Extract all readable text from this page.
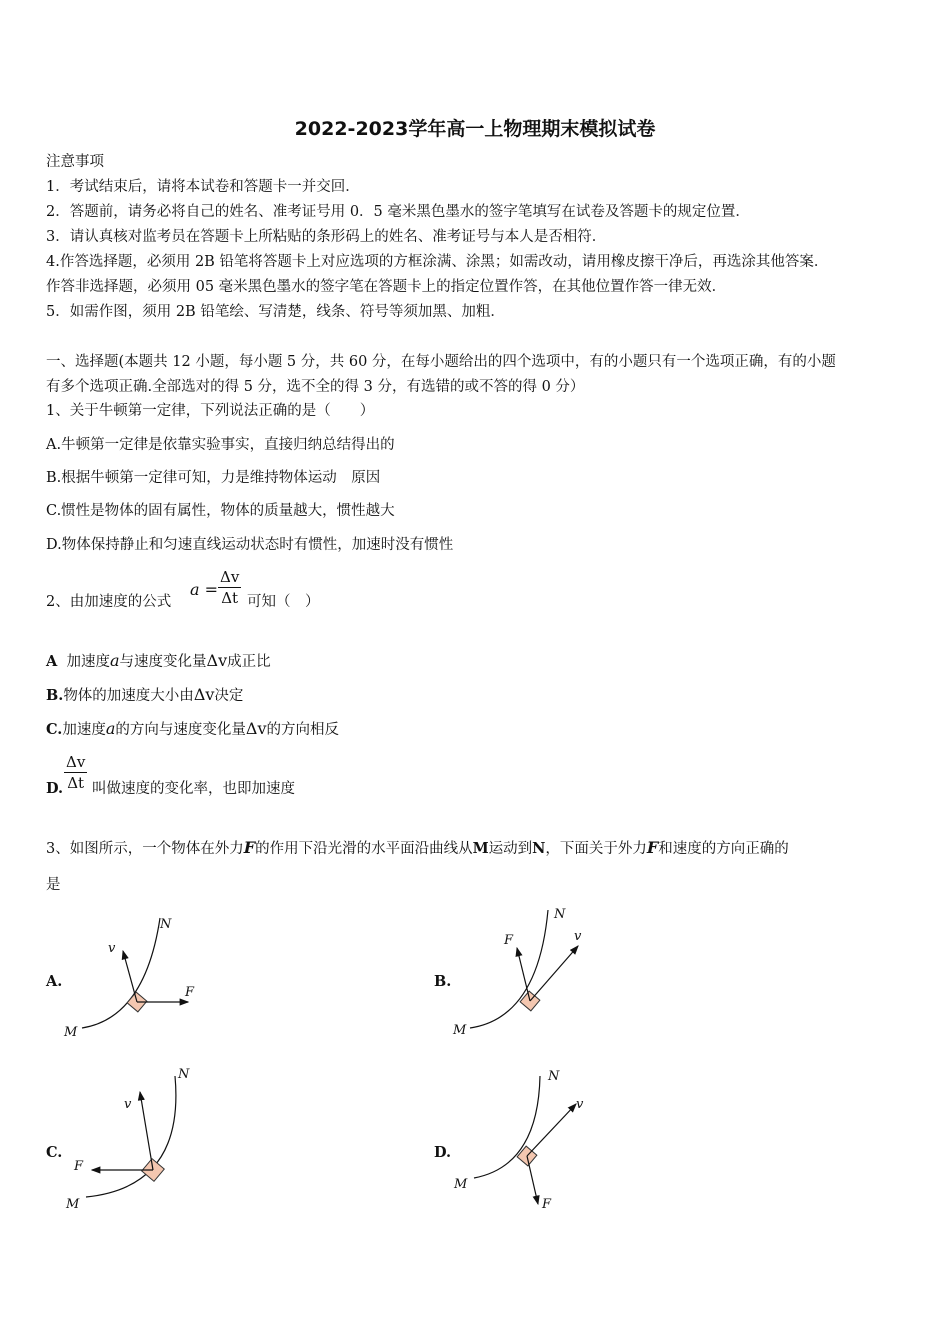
2022-2023学年高一上物理期末模拟试卷
注意事项
1．考试结束后，请将本试卷和答题卡一并交回．
2．答题前，请务必将自己的姓名、准考证号用 0．5 毫米黑色墨水的签字笔填写在试卷及答题卡的规定位置．
3．请认真核对监考员在答题卡上所粘贴的条形码上的姓名、准考证号与本人是否相符．
4.作答选择题，必须用 2B 铅笔将答题卡上对应选项的方框涂满、涂黑；如需改动，请用橡皮擦干净后，再选涂其他答案．
作答非选择题，必须用 05 毫米黑色墨水的签字笔在答题卡上的指定位置作答，在其他位置作答一律无效．
5．如需作图，须用 2B 铅笔绘、写清楚，线条、符号等须加黑、加粗．
一、选择题(本题共 12 小题，每小题 5 分，共 60 分，在每小题给出的四个选项中，有的小题只有一个选项正确，有的小题
有多个选项正确.全部选对的得 5 分，选不全的得 3 分，有选错的或不答的得 0 分）
1、关于牛顿第一定律，下列说法正确的是（　　）
A.牛顿第一定律是依靠实验事实，直接归纳总结得出的
B.根据牛顿第一定律可知，力是维持物体运动　原因
C.惯性是物体的固有属性，物体的质量越大，惯性越大
D.物体保持静止和匀速直线运动状态时有惯性，加速时没有惯性
2、由加速度的公式
$a = \frac{\Delta v}{\Delta t}$ 可知（　）
A 加速度a与速度变化量Δv成正比
B.物体的加速度大小由Δv决定
C.加速度a的方向与速度变化量Δv的方向相反
D. $\frac{\Delta v}{\Delta t}$ 叫做速度的变化率，也即加速度
3、如图所示，一个物体在外力F的作用下沿光滑的水平面沿曲线从M运动到N，下面关于外力F和速度的方向正确的
是
A.	B.
C.	D.
N
v
F
M
N
F	v
M
N
v
F
M
N
v
F
M
